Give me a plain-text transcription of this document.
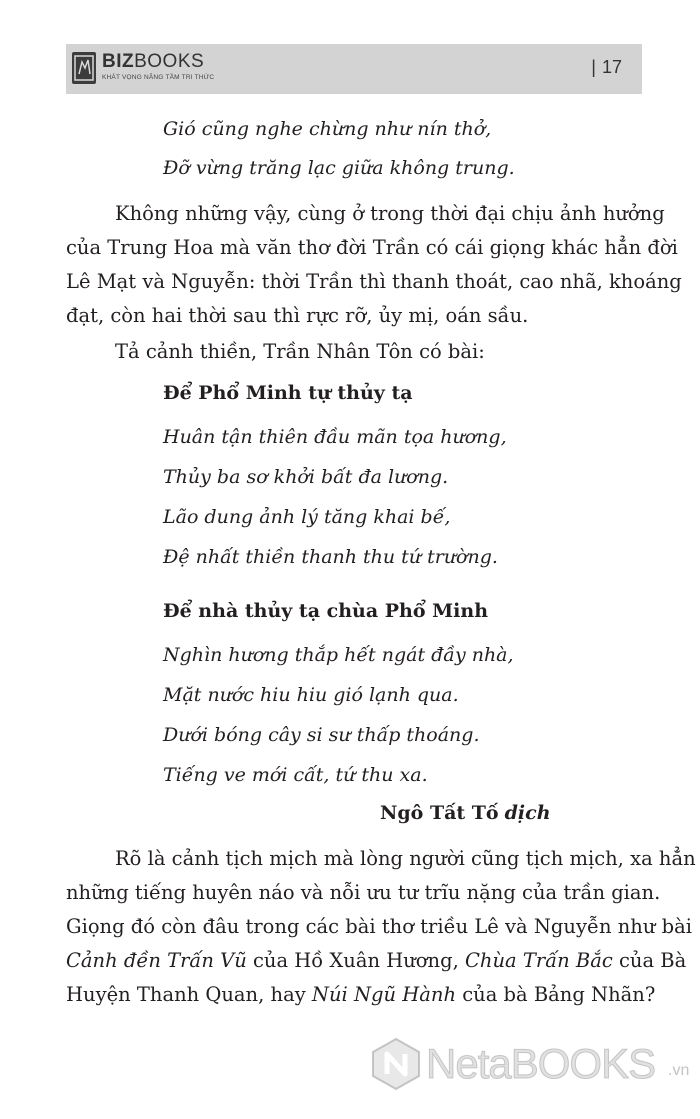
BIZBOOKS
KHÁT VỌNG NÂNG TẦM TRI THỨC
| 17
Gió cũng nghe chừng như nín thở,
Đỡ vừng trăng lạc giữa không trung.
Không những vậy, cùng ở trong thời đại chịu ảnh hưởng
của Trung Hoa mà văn thơ đời Trần có cái giọng khác hẳn đời
Lê Mạt và Nguyễn: thời Trần thì thanh thoát, cao nhã, khoáng
đạt, còn hai thời sau thì rực rỡ, ủy mị, oán sầu.
Tả cảnh thiền, Trần Nhân Tôn có bài:
Để Phổ Minh tự thủy tạ
Huân tận thiên đầu mãn tọa hương,
Thủy ba sơ khởi bất đa lương.
Lão dung ảnh lý tăng khai bế,
Đệ nhất thiền thanh thu tứ trường.
Để nhà thủy tạ chùa Phổ Minh
Nghìn hương thắp hết ngát đầy nhà,
Mặt nước hiu hiu gió lạnh qua.
Dưới bóng cây si sư thấp thoáng.
Tiếng ve mới cất, tứ thu xa.
Ngô Tất Tố dịch
Rõ là cảnh tịch mịch mà lòng người cũng tịch mịch, xa hẳn
những tiếng huyên náo và nỗi ưu tư trĩu nặng của trần gian.
Giọng đó còn đâu trong các bài thơ triều Lê và Nguyễn như bài
Cảnh đền Trấn Vũ của Hồ Xuân Hương, Chùa Trấn Bắc của Bà
Huyện Thanh Quan, hay Núi Ngũ Hành của bà Bảng Nhãn?
NetaBOOKS .vn
